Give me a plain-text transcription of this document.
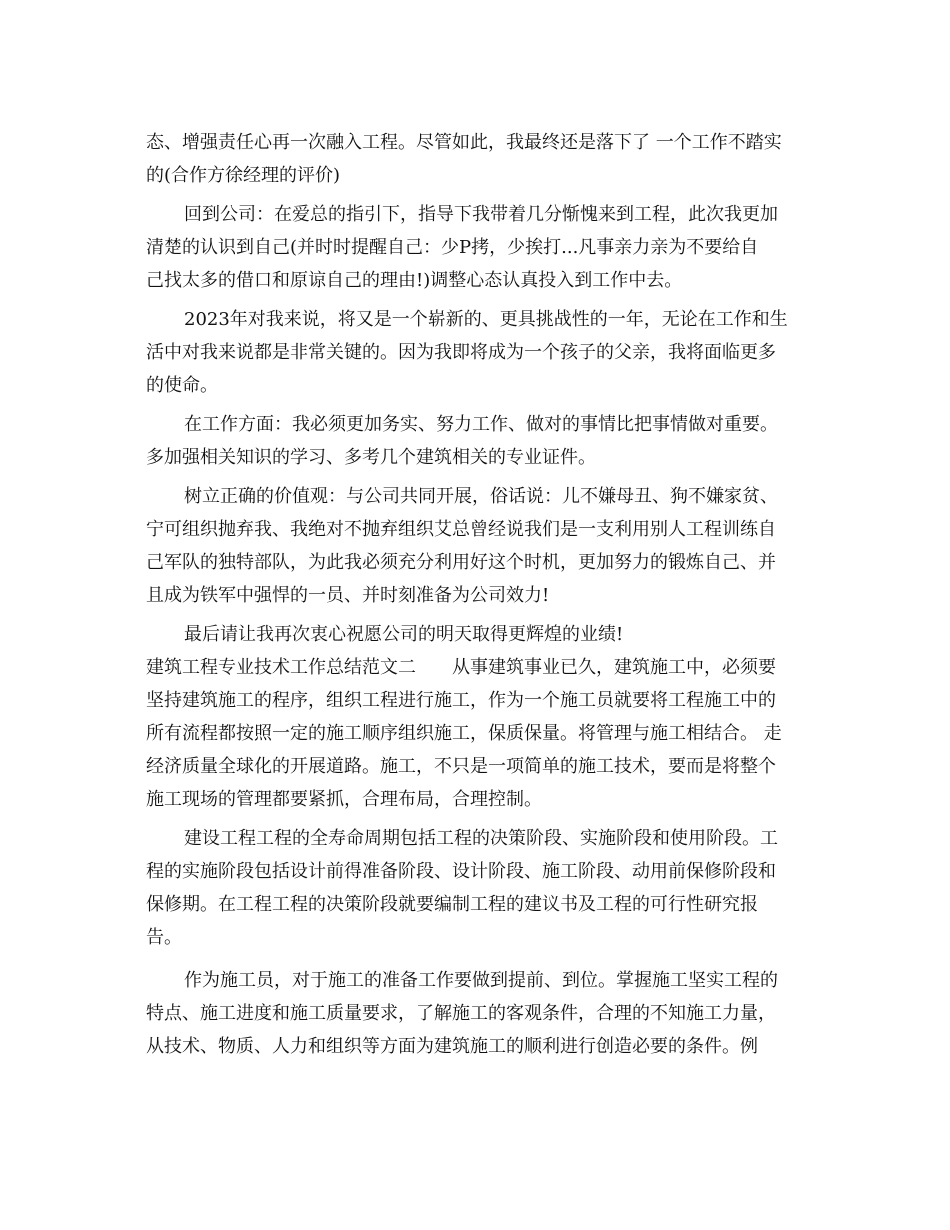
态、增强责任心再一次融入工程。尽管如此，我最终还是落下了 一个工作不踏实
的(合作方徐经理的评价)
回到公司：在爱总的指引下，指导下我带着几分惭愧来到工程，此次我更加
清楚的认识到自己(并时时提醒自己：少P拷，少挨打...凡事亲力亲为不要给自
己找太多的借口和原谅自己的理由!)调整心态认真投入到工作中去。
2023年对我来说，将又是一个崭新的、更具挑战性的一年，无论在工作和生
活中对我来说都是非常关键的。因为我即将成为一个孩子的父亲，我将面临更多
的使命。
在工作方面：我必须更加务实、努力工作、做对的事情比把事情做对重要。
多加强相关知识的学习、多考几个建筑相关的专业证件。
树立正确的价值观：与公司共同开展，俗话说：儿不嫌母丑、狗不嫌家贫、
宁可组织抛弃我、我绝对不抛弃组织艾总曾经说我们是一支利用别人工程训练自
己军队的独特部队，为此我必须充分利用好这个时机，更加努力的锻炼自己、并
且成为铁军中强悍的一员、并时刻准备为公司效力!
最后请让我再次衷心祝愿公司的明天取得更辉煌的业绩!
建筑工程专业技术工作总结范文二 从事建筑事业已久，建筑施工中，必须要
坚持建筑施工的程序，组织工程进行施工，作为一个施工员就要将工程施工中的
所有流程都按照一定的施工顺序组织施工，保质保量。将管理与施工相结合。 走
经济质量全球化的开展道路。施工，不只是一项简单的施工技术，要而是将整个
施工现场的管理都要紧抓，合理布局，合理控制。
建设工程工程的全寿命周期包括工程的决策阶段、实施阶段和使用阶段。工
程的实施阶段包括设计前得准备阶段、设计阶段、施工阶段、动用前保修阶段和
保修期。在工程工程的决策阶段就要编制工程的建议书及工程的可行性研究报
告。
作为施工员，对于施工的准备工作要做到提前、到位。掌握施工坚实工程的
特点、施工进度和施工质量要求，了解施工的客观条件，合理的不知施工力量，
从技术、物质、人力和组织等方面为建筑施工的顺利进行创造必要的条件。例
